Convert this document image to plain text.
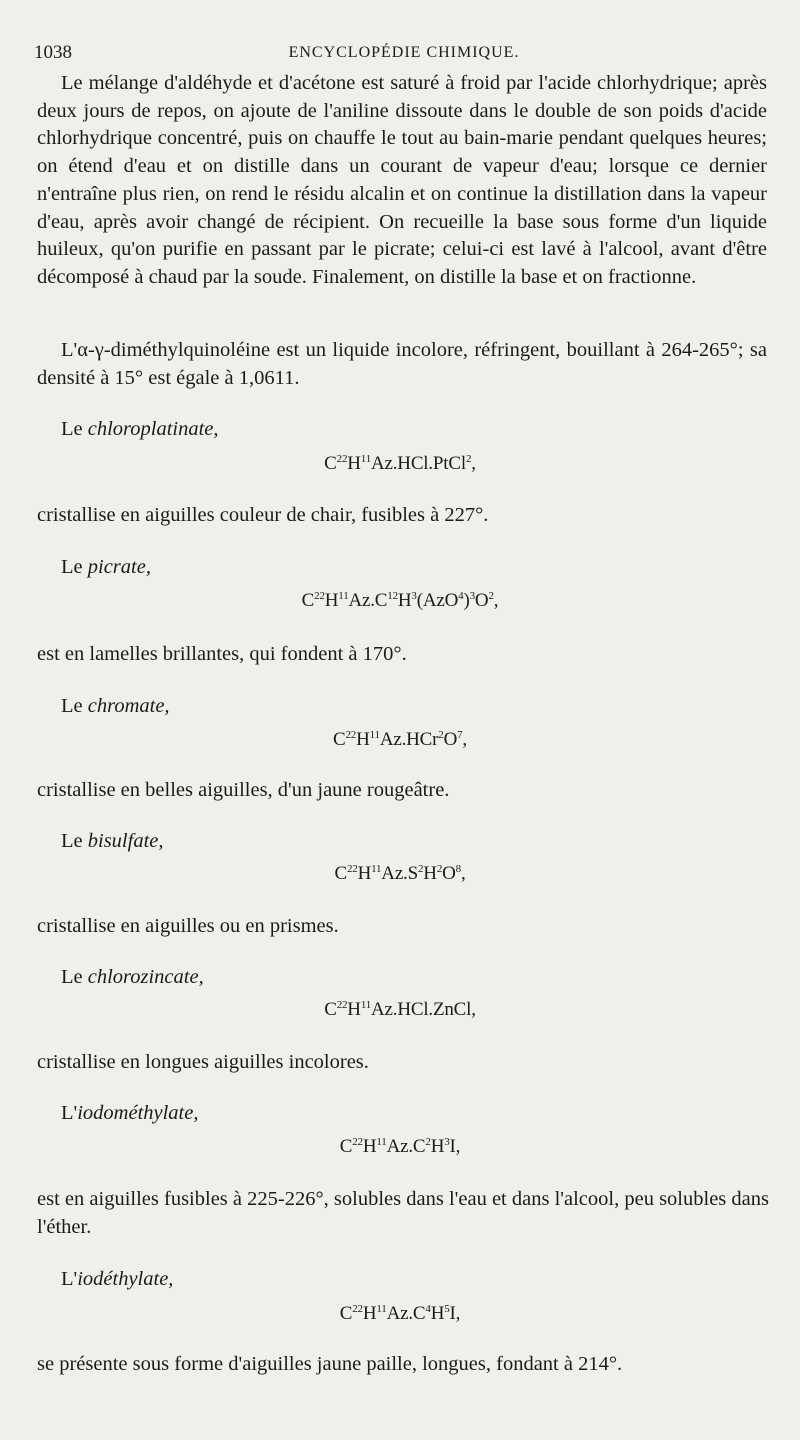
1038	ENCYCLOPÉDIE CHIMIQUE.
Le mélange d'aldéhyde et d'acétone est saturé à froid par l'acide chlorhydrique; après deux jours de repos, on ajoute de l'aniline dissoute dans le double de son poids d'acide chlorhydrique concentré, puis on chauffe le tout au bain-marie pendant quelques heures; on étend d'eau et on distille dans un courant de vapeur d'eau; lorsque ce dernier n'entraîne plus rien, on rend le résidu alcalin et on continue la distillation dans la vapeur d'eau, après avoir changé de récipient. On recueille la base sous forme d'un liquide huileux, qu'on purifie en passant par le picrate; celui-ci est lavé à l'alcool, avant d'être décomposé à chaud par la soude. Finalement, on distille la base et on fractionne.
L'α-γ-diméthylquinoléine est un liquide incolore, réfringent, bouillant à 264-265°; sa densité à 15° est égale à 1,0611.
Le chloroplatinate,
$C^{22}H^{11}Az.HCl.PtCl^2$,
cristallise en aiguilles couleur de chair, fusibles à 227°.
Le picrate,
$C^{22}H^{11}Az.C^{12}H^3(AzO^4)^3O^2$,
est en lamelles brillantes, qui fondent à 170°.
Le chromate,
$C^{22}H^{11}Az.HCr^2O^7$,
cristallise en belles aiguilles, d'un jaune rougeâtre.
Le bisulfate,
$C^{22}H^{11}Az.S^2H^2O^8$,
cristallise en aiguilles ou en prismes.
Le chlorozincate,
$C^{22}H^{11}Az.HCl.ZnCl$,
cristallise en longues aiguilles incolores.
L'iodométhylate,
$C^{22}H^{11}Az.C^2H^3I$,
est en aiguilles fusibles à 225-226°, solubles dans l'eau et dans l'alcool, peu solubles dans l'éther.
L'iodéthylate,
$C^{22}H^{11}Az.C^4H^5I$,
se présente sous forme d'aiguilles jaune paille, longues, fondant à 214°.
